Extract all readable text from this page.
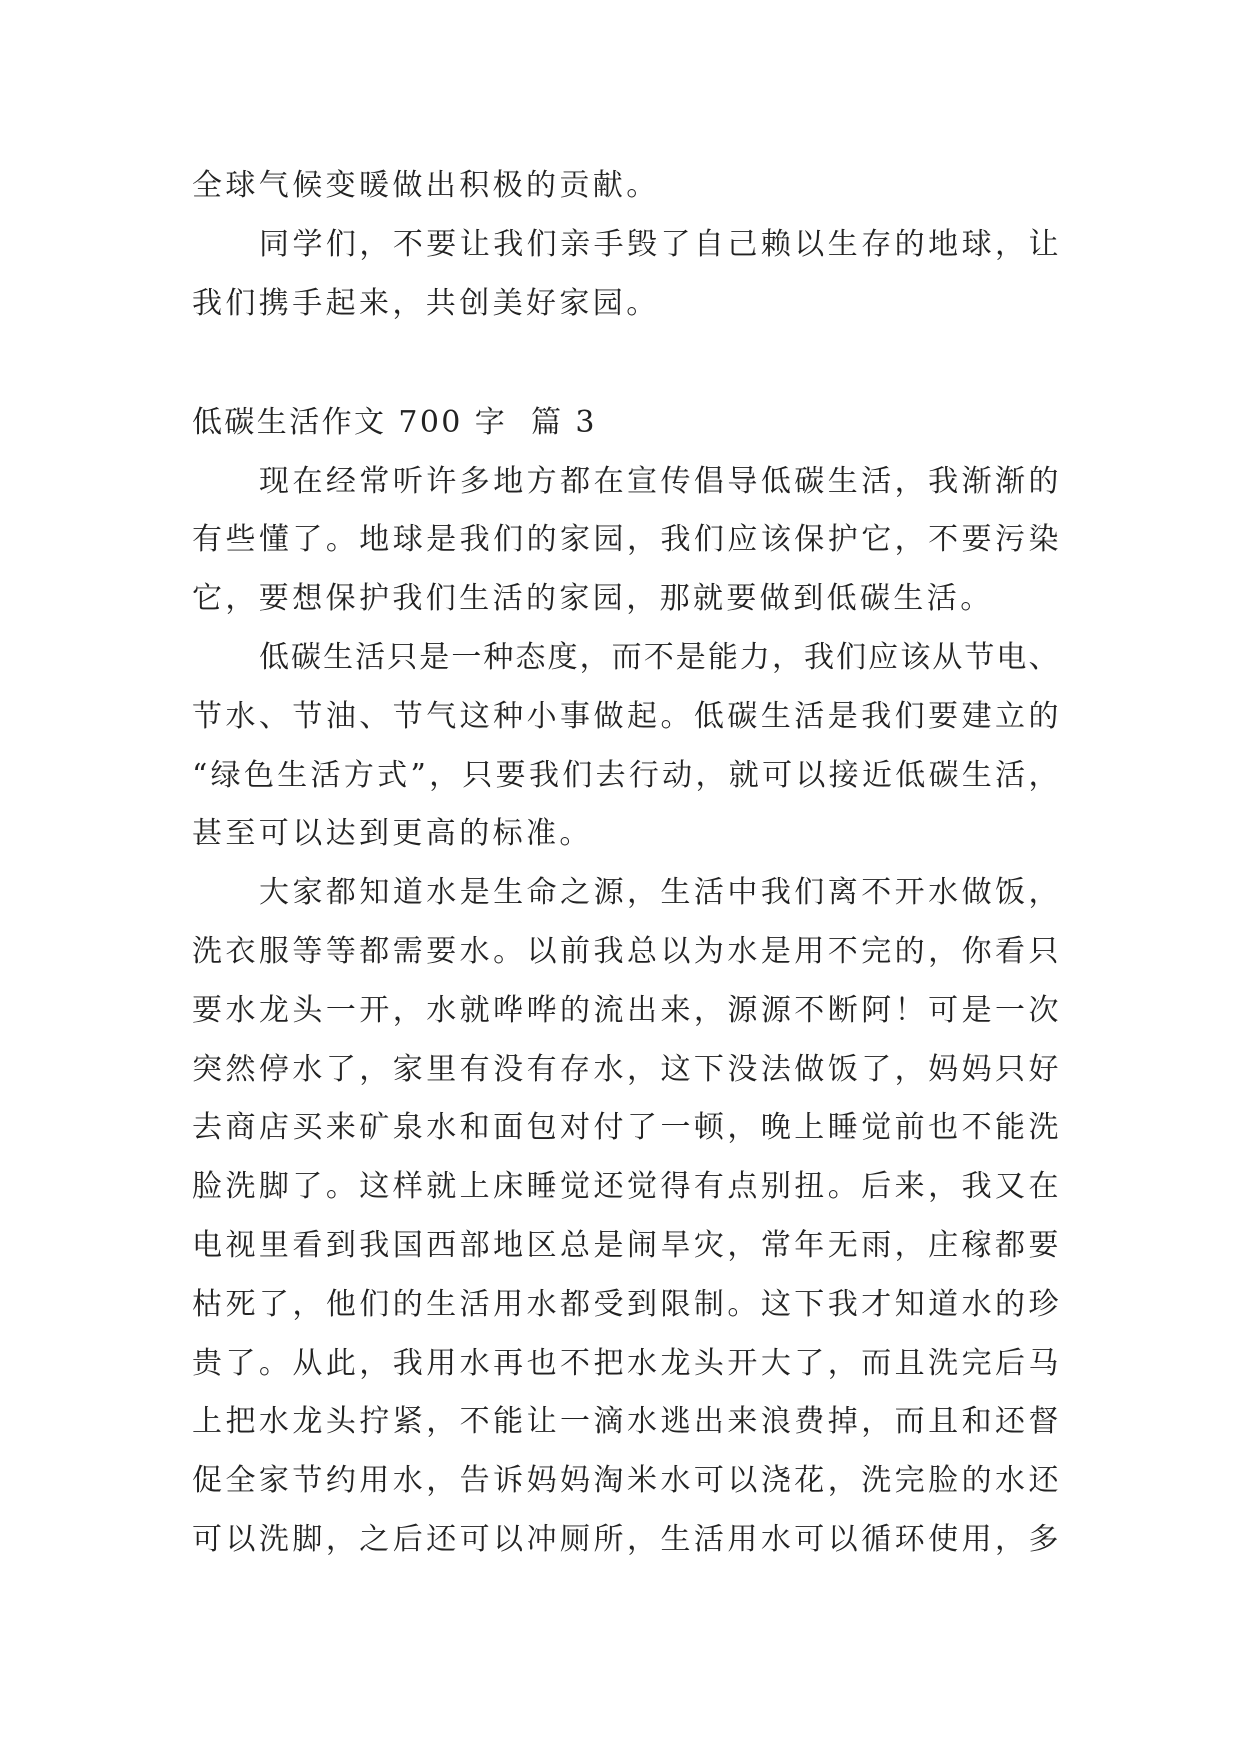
全球气候变暖做出积极的贡献。
同学们，不要让我们亲手毁了自己赖以生存的地球，让
我们携手起来，共创美好家园。
低碳生活作文 700 字  篇 3
现在经常听许多地方都在宣传倡导低碳生活，我渐渐的
有些懂了。地球是我们的家园，我们应该保护它，不要污染
它，要想保护我们生活的家园，那就要做到低碳生活。
低碳生活只是一种态度，而不是能力，我们应该从节电、
节水、节油、节气这种小事做起。低碳生活是我们要建立的
“绿色生活方式”，只要我们去行动，就可以接近低碳生活，
甚至可以达到更高的标准。
大家都知道水是生命之源，生活中我们离不开水做饭，
洗衣服等等都需要水。以前我总以为水是用不完的，你看只
要水龙头一开，水就哗哗的流出来，源源不断阿！可是一次
突然停水了，家里有没有存水，这下没法做饭了，妈妈只好
去商店买来矿泉水和面包对付了一顿，晚上睡觉前也不能洗
脸洗脚了。这样就上床睡觉还觉得有点别扭。后来，我又在
电视里看到我国西部地区总是闹旱灾，常年无雨，庄稼都要
枯死了，他们的生活用水都受到限制。这下我才知道水的珍
贵了。从此，我用水再也不把水龙头开大了，而且洗完后马
上把水龙头拧紧，不能让一滴水逃出来浪费掉，而且和还督
促全家节约用水，告诉妈妈淘米水可以浇花，洗完脸的水还
可以洗脚，之后还可以冲厕所，生活用水可以循环使用，多
